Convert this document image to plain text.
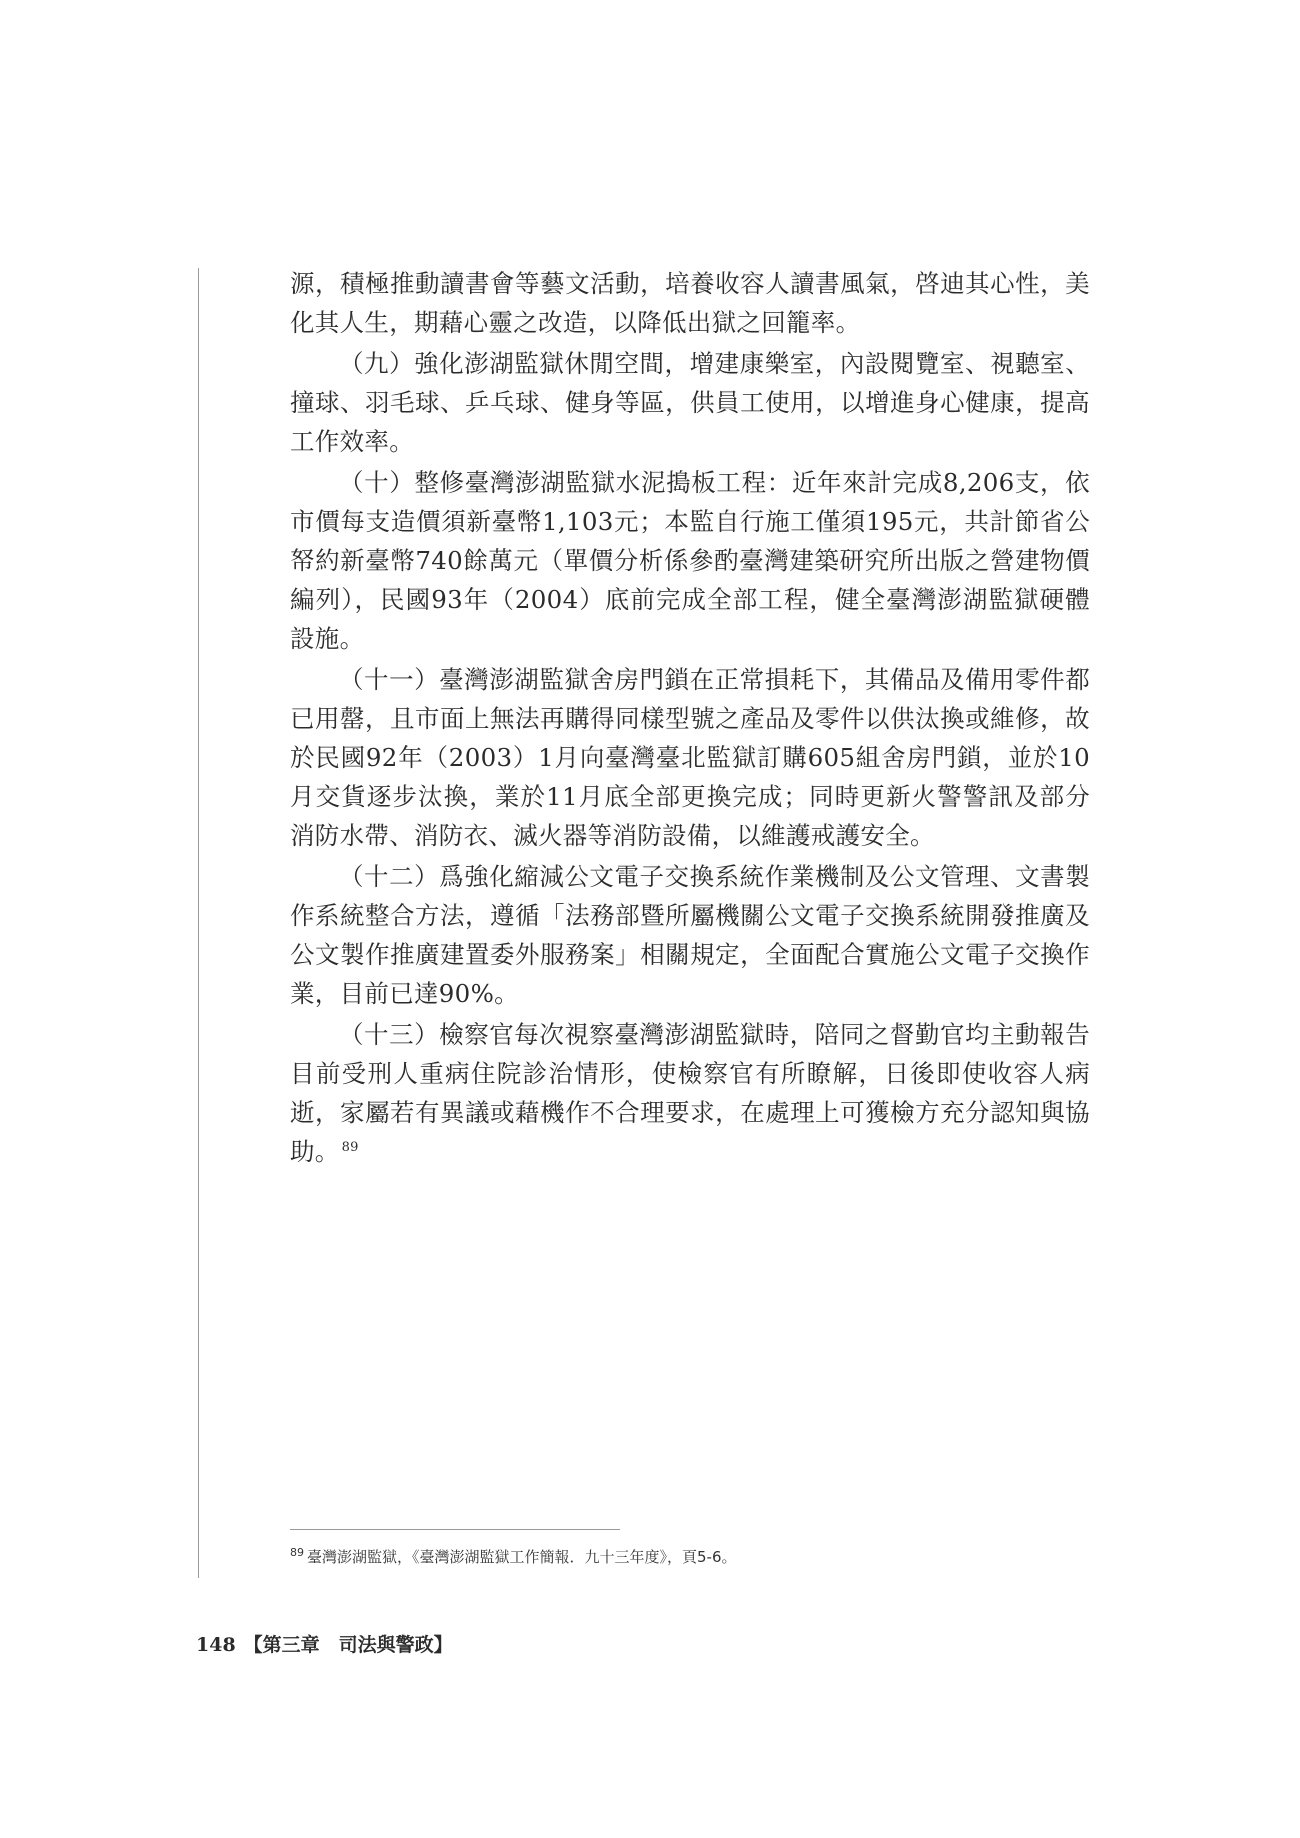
源，積極推動讀書會等藝文活動，培養收容人讀書風氣，啓迪其心性，美化其人生，期藉心靈之改造，以降低出獄之回籠率。

（九）強化澎湖監獄休閒空間，增建康樂室，內設閱覽室、視聽室、撞球、羽毛球、乒乓球、健身等區，供員工使用，以增進身心健康，提高工作效率。

（十）整修臺灣澎湖監獄水泥搗板工程：近年來計完成8,206支，依市價每支造價須新臺幣1,103元；本監自行施工僅須195元，共計節省公帑約新臺幣740餘萬元（單價分析係參酌臺灣建築研究所出版之營建物價編列），民國93年（2004）底前完成全部工程，健全臺灣澎湖監獄硬體設施。

（十一）臺灣澎湖監獄舍房門鎖在正常損耗下，其備品及備用零件都已用罄，且市面上無法再購得同樣型號之產品及零件以供汰換或維修，故於民國92年（2003）1月向臺灣臺北監獄訂購605組舍房門鎖，並於10月交貨逐步汰換，業於11月底全部更換完成；同時更新火警警訊及部分消防水帶、消防衣、滅火器等消防設備，以維護戒護安全。

（十二）爲強化縮減公文電子交換系統作業機制及公文管理、文書製作系統整合方法，遵循「法務部暨所屬機關公文電子交換系統開發推廣及公文製作推廣建置委外服務案」相關規定，全面配合實施公文電子交換作業，目前已達90%。

（十三）檢察官每次視察臺灣澎湖監獄時，陪同之督勤官均主動報告目前受刑人重病住院診治情形，使檢察官有所瞭解，日後即使收容人病逝，家屬若有異議或藉機作不合理要求，在處理上可獲檢方充分認知與協助。 $^{89}$

$^{89}$ 臺灣澎湖監獄，《臺灣澎湖監獄工作簡報．九十三年度》，頁5-6。
148 【第三章　司法與警政】
